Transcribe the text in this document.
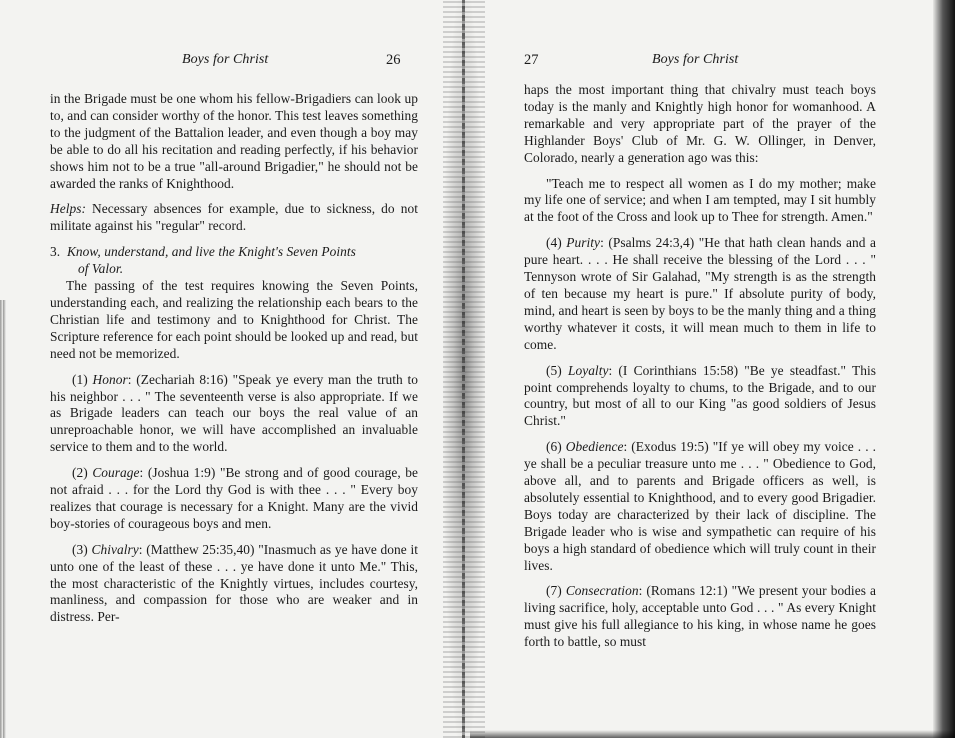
Boys for Christ	26

in the Brigade must be one whom his fellow-Brigadiers can look up to, and can consider worthy of the honor. This test leaves something to the judgment of the Battalion leader, and even though a boy may be able to do all his recitation and reading perfectly, if his behavior shows him not to be a true "all-around Brigadier," he should not be awarded the ranks of Knighthood.

Helps: Necessary absences for example, due to sickness, do not militate against his "regular" record.

3. Know, understand, and live the Knight's Seven Points
of Valor.

The passing of the test requires knowing the Seven Points, understanding each, and realizing the relationship each bears to the Christian life and testimony and to Knighthood for Christ. The Scripture reference for each point should be looked up and read, but need not be memorized.

(1) Honor: (Zechariah 8:16) "Speak ye every man the truth to his neighbor . . . " The seventeenth verse is also appropriate. If we as Brigade leaders can teach our boys the real value of an unreproachable honor, we will have accomplished an invaluable service to them and to the world.

(2) Courage: (Joshua 1:9) "Be strong and of good courage, be not afraid . . . for the Lord thy God is with thee . . . " Every boy realizes that courage is necessary for a Knight. Many are the vivid boy-stories of courageous boys and men.

(3) Chivalry: (Matthew 25:35,40) "Inasmuch as ye have done it unto one of the least of these . . . ye have done it unto Me." This, the most characteristic of the Knightly virtues, includes courtesy, manliness, and compassion for those who are weaker and in distress. Per-

27	Boys for Christ

haps the most important thing that chivalry must teach boys today is the manly and Knightly high honor for womanhood. A remarkable and very appropriate part of the prayer of the Highlander Boys' Club of Mr. G. W. Ollinger, in Denver, Colorado, nearly a generation ago was this:

"Teach me to respect all women as I do my mother; make my life one of service; and when I am tempted, may I sit humbly at the foot of the Cross and look up to Thee for strength. Amen."

(4) Purity: (Psalms 24:3,4) "He that hath clean hands and a pure heart. . . . He shall receive the blessing of the Lord . . . " Tennyson wrote of Sir Galahad, "My strength is as the strength of ten because my heart is pure." If absolute purity of body, mind, and heart is seen by boys to be the manly thing and a thing worthy whatever it costs, it will mean much to them in life to come.

(5) Loyalty: (I Corinthians 15:58) "Be ye steadfast." This point comprehends loyalty to chums, to the Brigade, and to our country, but most of all to our King "as good soldiers of Jesus Christ."

(6) Obedience: (Exodus 19:5) "If ye will obey my voice . . . ye shall be a peculiar treasure unto me . . . " Obedience to God, above all, and to parents and Brigade officers as well, is absolutely essential to Knighthood, and to every good Brigadier. Boys today are characterized by their lack of discipline. The Brigade leader who is wise and sympathetic can require of his boys a high standard of obedience which will truly count in their lives.

(7) Consecration: (Romans 12:1) "We present your bodies a living sacrifice, holy, acceptable unto God . . . " As every Knight must give his full allegiance to his king, in whose name he goes forth to battle, so must
